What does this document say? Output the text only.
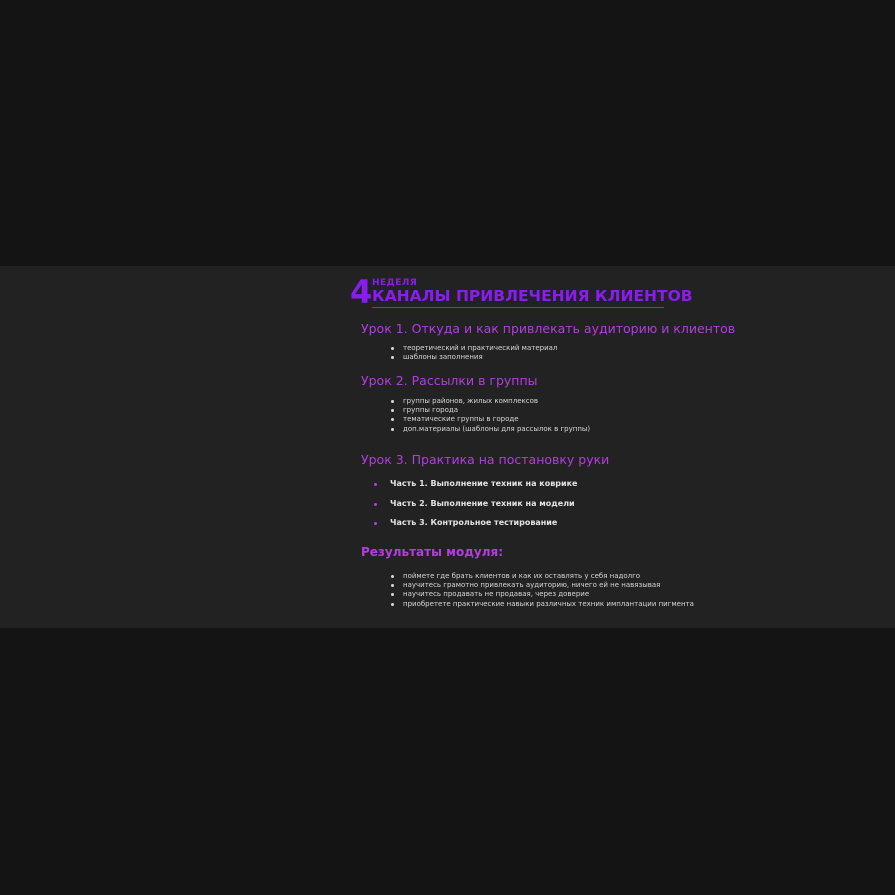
4 НЕДЕЛЯ
КАНАЛЫ ПРИВЛЕЧЕНИЯ КЛИЕНТОВ
Урок 1. Откуда и как привлекать аудиторию и клиентов
теоретический и практический материал
шаблоны заполнения
Урок 2. Рассылки в группы
группы районов, жилых комплексов
группы города
тематические группы в городе
доп.материалы (шаблоны для рассылок в группы)
Урок 3. Практика на постановку руки
Часть 1. Выполнение техник на коврике
Часть 2. Выполнение техник на модели
Часть 3. Контрольное тестирование
Результаты модуля:
поймете где брать клиентов и как их оставлять у себя надолго
научитесь грамотно привлекать аудиторию, ничего ей не навязывая
научитесь продавать не продавая, через доверие
приобретете практические навыки различных техник имплантации пигмента
